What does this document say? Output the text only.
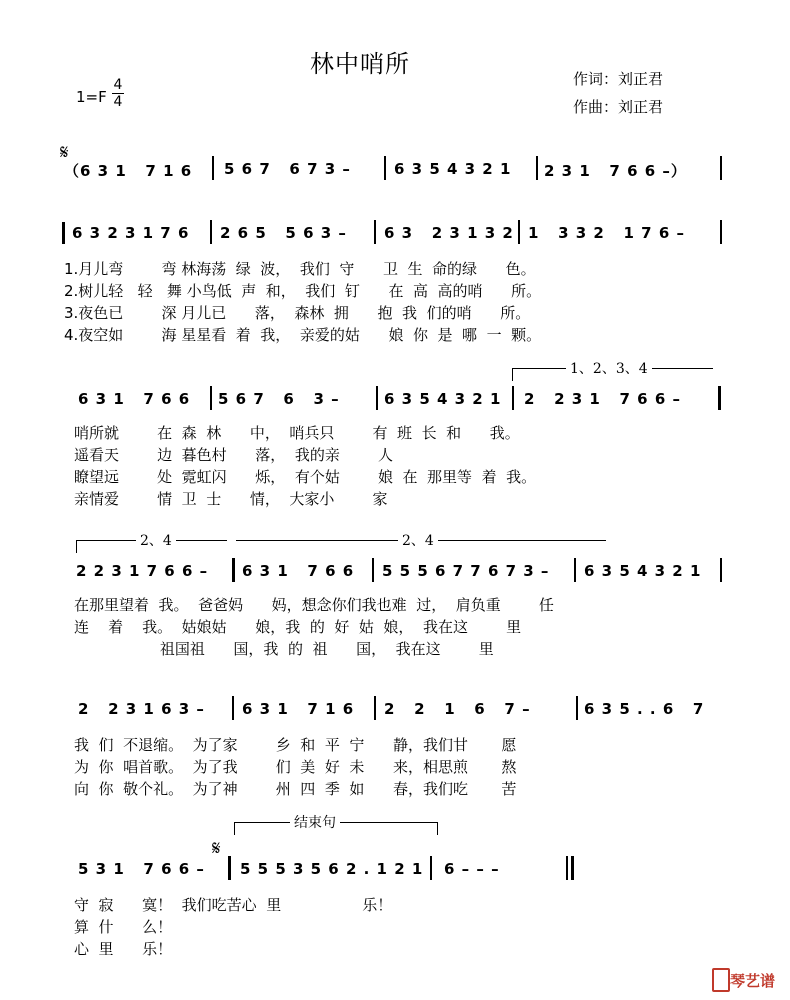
林中哨所
作词：刘正君
作曲：刘正君
1=F
4
4
𝄋
（6 3 1   7 1 6 5 6 7   6 7 3 –	6 3 5 4 3 2 1 2 3 1   7 6 6 –）
6 3 2 3 1 7 6 2 6 5   5 6 3 – 6 3   2 3 1 3 2 1   3 3 2   1 7 6 –
1.月儿弯        弯 林海荡  绿  波，  我们  守      卫  生  命的绿      色。
2.树儿轻   轻   舞 小鸟低  声  和，  我们  钉      在  高  高的哨      所。
3.夜色已        深 月儿已      落，  森林  拥      抱  我  们的哨      所。
4.夜空如        海 星星看  着  我，  亲爱的姑      娘  你  是  哪  一  颗。
1、2、3、4
6 3 1   7 6 6 5 6 7   6   3 –	6 3 5 4 3 2 1 2   2 3 1   7 6 6 –
哨所就        在  森  林      中，  哨兵只        有  班  长  和      我。
遥看天        边  暮色村      落，  我的亲        人
瞭望远        处  霓虹闪      烁，  有个姑        娘  在  那里等  着  我。
亲情爱        情  卫  士      情，  大家小        家
2、4	2、4
2 2 3 1 7 6 6 – 6 3 1   7 6 6 5 5 5 6 7 7 6 7 3 – 6 3 5 4 3 2 1
在那里望着  我。  爸爸妈      妈，想念你们我也难  过，  肩负重        任
连    着    我。  姑娘姑      娘，我  的  好  姑  娘，  我在这        里
祖国祖      国，我  的  祖      国，  我在这        里
2   2 3 1 6 3 – 6 3 1   7 1 6 2   2   1   6   7 –	6 3 5 . . 6   7
我  们  不退缩。  为了家        乡  和  平  宁      静，我们甘       愿
为  你  唱首歌。  为了我        们  美  好  未      来，相思煎       熬
向  你  敬个礼。  为了神        州  四  季  如      春，我们吃       苦
结束句
𝄋
5 3 1   7 6 6 – 5 5 5 3 5 6 2 . 1 2 1 6 – – –
守  寂      寞！  我们吃苦心  里                 乐！
算  什      么！
心  里      乐！
琴艺谱
